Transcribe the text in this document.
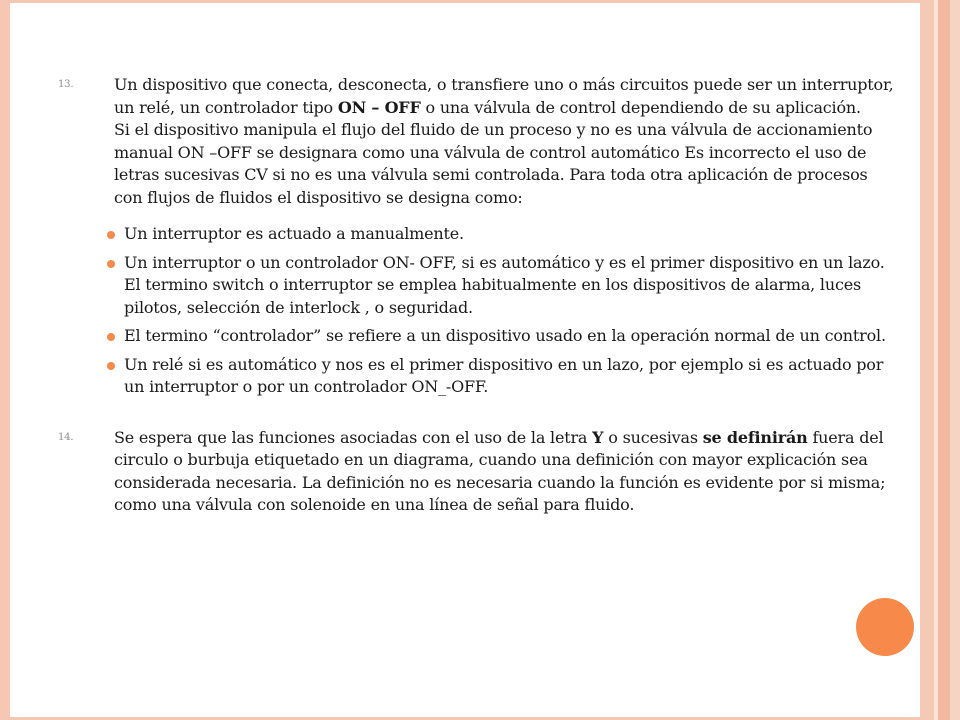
13.	Un dispositivo que conecta, desconecta, o transfiere uno o más circuitos puede ser un interruptor, un relé, un controlador tipo ON – OFF o una válvula de control dependiendo de su aplicación.

Si el dispositivo manipula el flujo del fluido de un proceso y no es una válvula de accionamiento manual ON –OFF se designara como una válvula de control automático Es incorrecto el uso de letras sucesivas CV si no es una válvula semi controlada. Para toda otra aplicación de procesos con flujos de fluidos el dispositivo se designa como:

Un interruptor es actuado a manualmente.
Un interruptor o un controlador ON- OFF, si es automático y es el primer dispositivo en un lazo. El termino switch o interruptor se emplea habitualmente en los dispositivos de alarma, luces pilotos, selección de interlock , o seguridad.
El termino “controlador” se refiere a un dispositivo usado en la operación normal de un control.
Un relé si es automático y nos es el primer dispositivo en un lazo, por ejemplo si es actuado por un interruptor o por un controlador ON_-OFF.
14.	Se espera que las funciones asociadas con el uso de la letra Y o sucesivas se definirán fuera del circulo o burbuja etiquetado en un diagrama, cuando una definición con mayor explicación sea considerada necesaria. La definición no es necesaria cuando la función es evidente por si misma; como una válvula con solenoide en una línea de señal para fluido.
